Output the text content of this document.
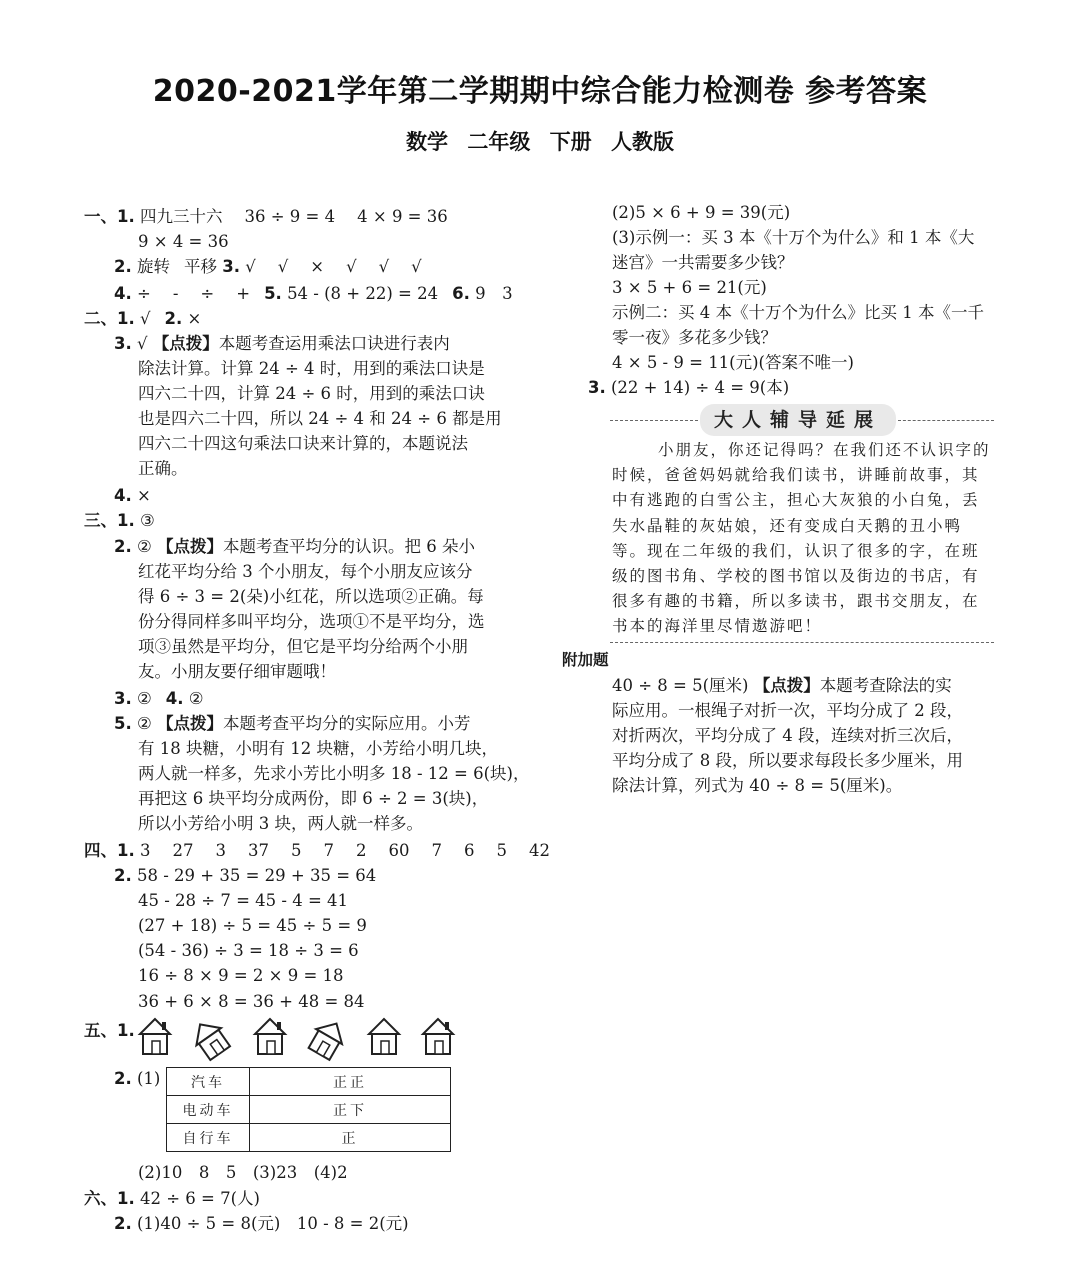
2020-2021学年第二学期期中综合能力检测卷 参考答案
数学 二年级 下册 人教版
一、1. 四九三十六 36 ÷ 9 = 4 4 × 9 = 36
9 × 4 = 36
2. 旋转 平移 3. √ √ × √ √ √
4. ÷ - ÷ + 5. 54 - (8 + 22) = 24 6. 9　3
二、1. √ 2. ×
3. √ 【点拨】本题考查运用乘法口诀进行表内
除法计算。计算 24 ÷ 4 时，用到的乘法口诀是
四六二十四，计算 24 ÷ 6 时，用到的乘法口诀
也是四六二十四，所以 24 ÷ 4 和 24 ÷ 6 都是用
四六二十四这句乘法口诀来计算的，本题说法
正确。
4. ×
三、1. ③
2. ② 【点拨】本题考查平均分的认识。把 6 朵小
红花平均分给 3 个小朋友，每个小朋友应该分
得 6 ÷ 3 = 2(朵)小红花，所以选项②正确。每
份分得同样多叫平均分，选项①不是平均分，选
项③虽然是平均分，但它是平均分给两个小朋
友。小朋友要仔细审题哦！
3. ② 4. ②
5. ② 【点拨】本题考查平均分的实际应用。小芳
有 18 块糖，小明有 12 块糖，小芳给小明几块，
两人就一样多，先求小芳比小明多 18 - 12 = 6(块)，
再把这 6 块平均分成两份，即 6 ÷ 2 = 3(块)，
所以小芳给小明 3 块，两人就一样多。
四、1. 3 27 3 37 5 7 2 60 7 6 5 42
2. 58 - 29 + 35 = 29 + 35 = 64
45 - 28 ÷ 7 = 45 - 4 = 41
(27 + 18) ÷ 5 = 45 ÷ 5 = 9
(54 - 36) ÷ 3 = 18 ÷ 3 = 6
16 ÷ 8 × 9 = 2 × 9 = 18
36 + 6 × 8 = 36 + 48 = 84
五、1.
2. (1) 汽车	正正
电动车	正下
自行车	正
(2)10　8　5　(3)23　(4)2
六、1. 42 ÷ 6 = 7(人)
2. (1)40 ÷ 5 = 8(元)　10 - 8 = 2(元)
(2)5 × 6 + 9 = 39(元)
(3)示例一：买 3 本《十万个为什么》和 1 本《大
迷宫》一共需要多少钱？
3 × 5 + 6 = 21(元)
示例二：买 4 本《十万个为什么》比买 1 本《一千
零一夜》多花多少钱？
4 × 5 - 9 = 11(元)(答案不唯一)
3. (22 + 14) ÷ 4 = 9(本)
大人辅导延展
小朋友，你还记得吗？在我们还不认识字的时候，爸爸妈妈就给我们读书，讲睡前故事，其中有逃跑的白雪公主，担心大灰狼的小白兔，丢失水晶鞋的灰姑娘，还有变成白天鹅的丑小鸭等。现在二年级的我们，认识了很多的字，在班级的图书角、学校的图书馆以及街边的书店，有很多有趣的书籍，所以多读书，跟书交朋友，在书本的海洋里尽情遨游吧！
附加题
40 ÷ 8 = 5(厘米) 【点拨】本题考查除法的实
际应用。一根绳子对折一次，平均分成了 2 段，
对折两次，平均分成了 4 段，连续对折三次后，
平均分成了 8 段，所以要求每段长多少厘米，用
除法计算，列式为 40 ÷ 8 = 5(厘米)。
